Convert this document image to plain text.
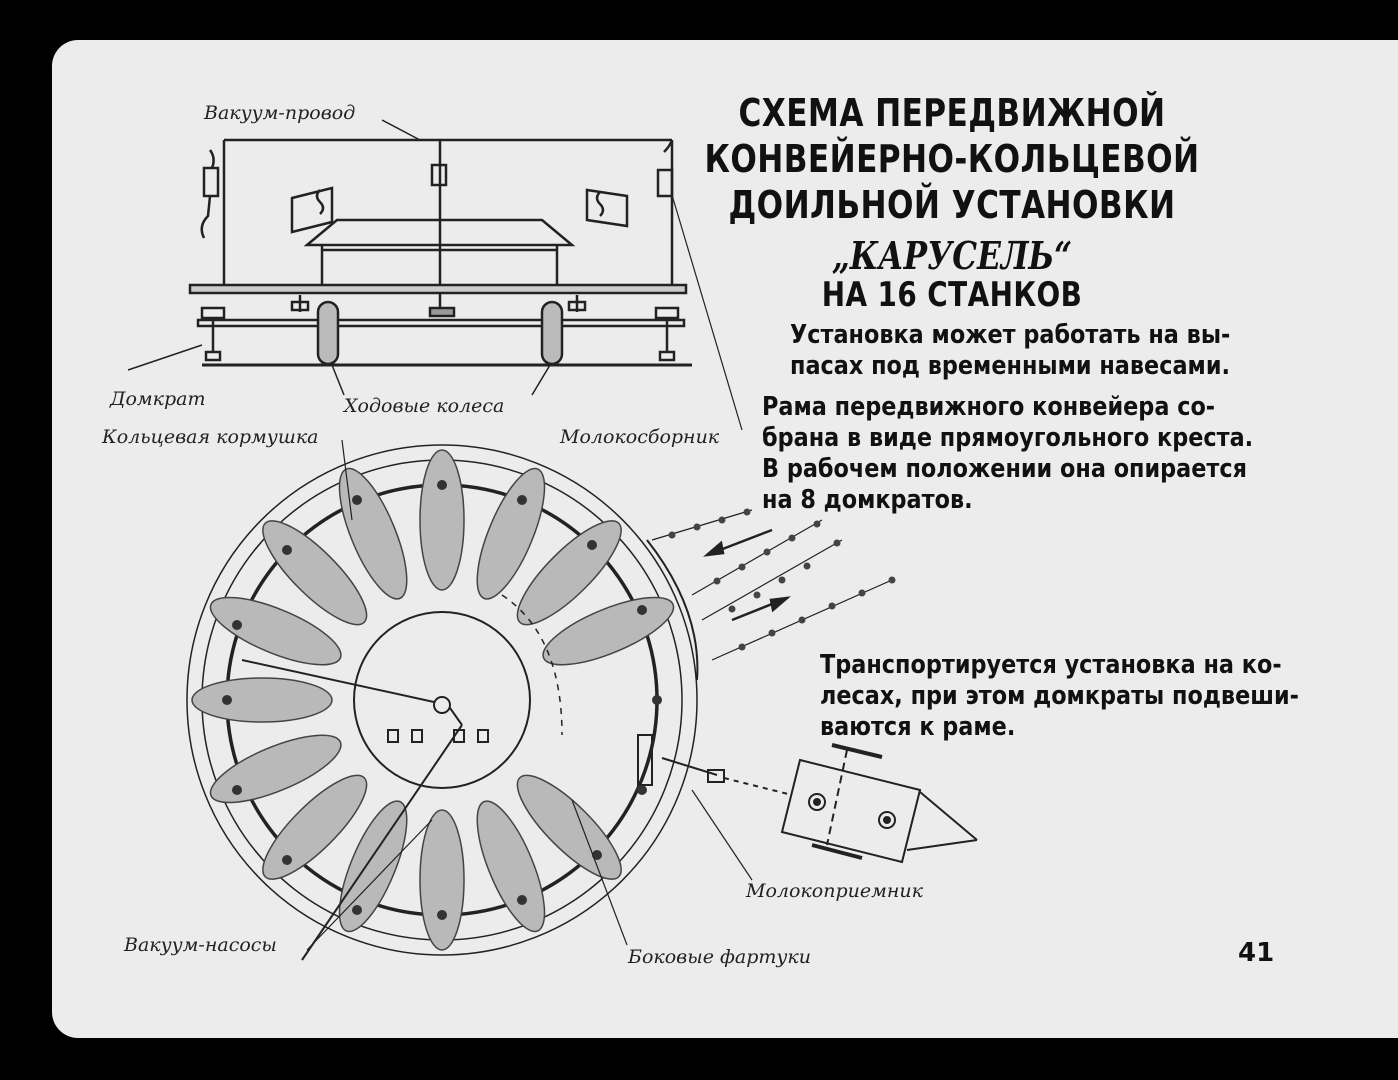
СХЕМА ПЕРЕДВИЖНОЙ КОНВЕЙЕРНО-КОЛЬЦЕВОЙ
ДОИЛЬНОЙ УСТАНОВКИ
„КАРУСЕЛЬ“
НА 16 СТАНКОВ
Установка может работать на вы-
пасах под временными навесами.
Рама передвижного конвейера со-
брана в виде прямоугольного креста.
В рабочем положении она опирается
на 8 домкратов.
Транспортируется установка на ко-
лесах, при этом домкраты подвеши-
ваются к раме.
Вакуум-провод
Домкрат	Ходовые колеса
Кольцевая кормушка	Молокосборник
Молокоприемник
Вакуум-насосы
Боковые фартуки	41
